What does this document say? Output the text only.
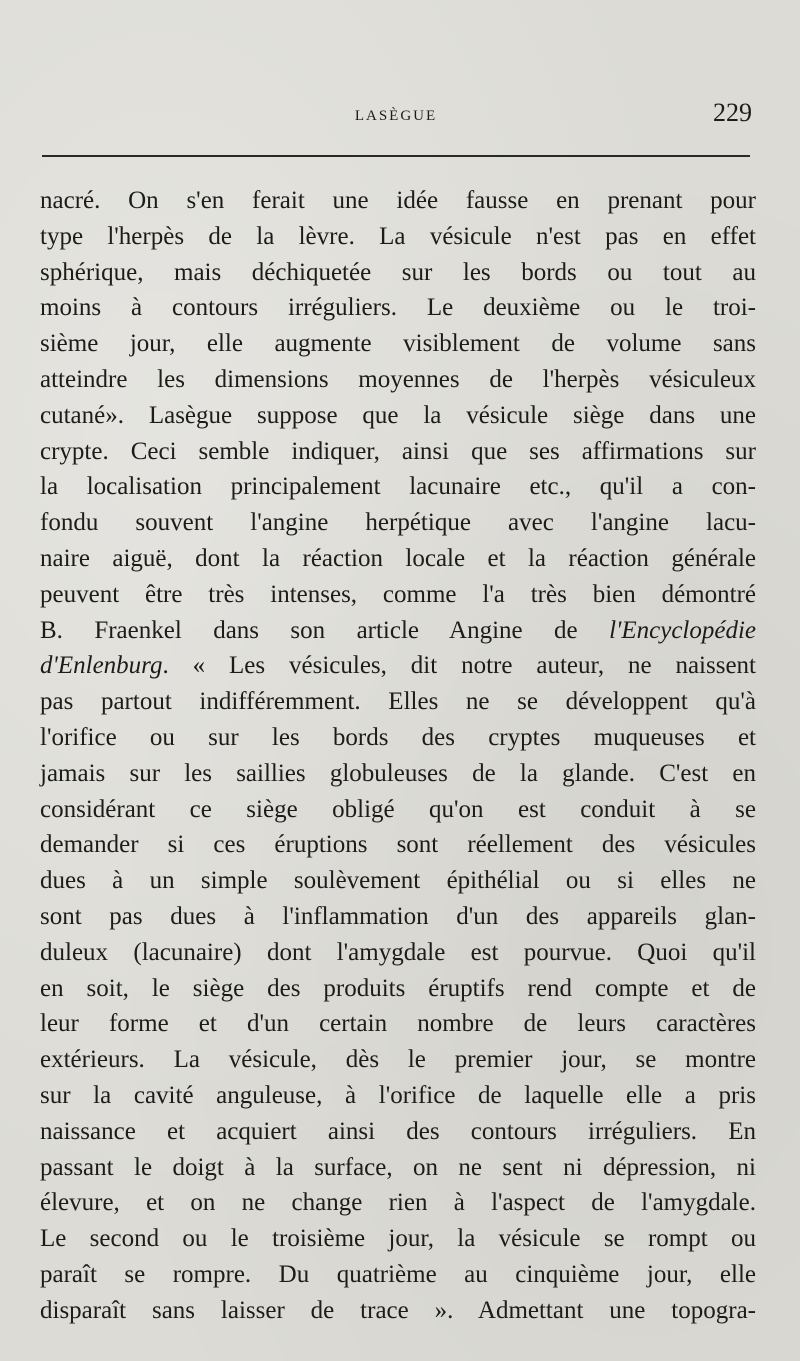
LASÈGUE	229
nacré. On s'en ferait une idée fausse en prenant pour
type l'herpès de la lèvre. La vésicule n'est pas en effet
sphérique, mais déchiquetée sur les bords ou tout au
moins à contours irréguliers. Le deuxième ou le troi-
sième jour, elle augmente visiblement de volume sans
atteindre les dimensions moyennes de l'herpès vésiculeux
cutané». Lasègue suppose que la vésicule siège dans une
crypte. Ceci semble indiquer, ainsi que ses affirmations sur
la localisation principalement lacunaire etc., qu'il a con-
fondu souvent l'angine herpétique avec l'angine lacu-
naire aiguë, dont la réaction locale et la réaction générale
peuvent être très intenses, comme l'a très bien démontré
B. Fraenkel dans son article Angine de l'Encyclopédie
d'Enlenburg. « Les vésicules, dit notre auteur, ne naissent
pas partout indifféremment. Elles ne se développent qu'à
l'orifice ou sur les bords des cryptes muqueuses et
jamais sur les saillies globuleuses de la glande. C'est en
considérant ce siège obligé qu'on est conduit à se
demander si ces éruptions sont réellement des vésicules
dues à un simple soulèvement épithélial ou si elles ne
sont pas dues à l'inflammation d'un des appareils glan-
duleux (lacunaire) dont l'amygdale est pourvue. Quoi qu'il
en soit, le siège des produits éruptifs rend compte et de
leur forme et d'un certain nombre de leurs caractères
extérieurs. La vésicule, dès le premier jour, se montre
sur la cavité anguleuse, à l'orifice de laquelle elle a pris
naissance et acquiert ainsi des contours irréguliers. En
passant le doigt à la surface, on ne sent ni dépression, ni
élevure, et on ne change rien à l'aspect de l'amygdale.
Le second ou le troisième jour, la vésicule se rompt ou
paraît se rompre. Du quatrième au cinquième jour, elle
disparaît sans laisser de trace ». Admettant une topogra-
